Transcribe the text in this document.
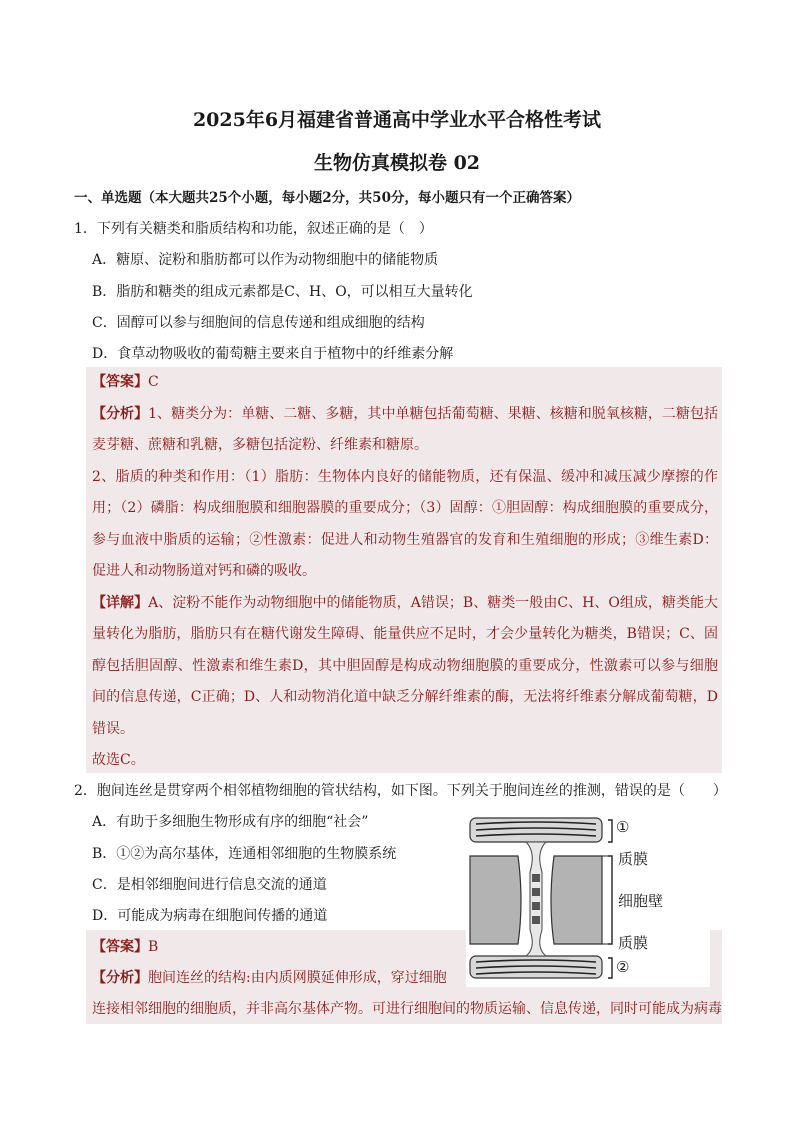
2025年6月福建省普通高中学业水平合格性考试
生物仿真模拟卷 02
一、单选题（本大题共25个小题，每小题2分，共50分，每小题只有一个正确答案）
1．下列有关糖类和脂质结构和功能，叙述正确的是（　）
A．糖原、淀粉和脂肪都可以作为动物细胞中的储能物质
B．脂肪和糖类的组成元素都是C、H、O，可以相互大量转化
C．固醇可以参与细胞间的信息传递和组成细胞的结构
D．食草动物吸收的葡萄糖主要来自于植物中的纤维素分解

【答案】C

【分析】1、糖类分为：单糖、二糖、多糖，其中单糖包括葡萄糖、果糖、核糖和脱氧核糖，二糖包括麦芽糖、蔗糖和乳糖，多糖包括淀粉、纤维素和糖原。

2、脂质的种类和作用：（1）脂肪：生物体内良好的储能物质，还有保温、缓冲和减压减少摩擦的作用；（2）磷脂：构成细胞膜和细胞器膜的重要成分；（3）固醇：①胆固醇：构成细胞膜的重要成分，参与血液中脂质的运输；②性激素：促进人和动物生殖器官的发育和生殖细胞的形成；③维生素D：促进人和动物肠道对钙和磷的吸收。

【详解】A、淀粉不能作为动物细胞中的储能物质，A错误；B、糖类一般由C、H、O组成，糖类能大量转化为脂肪，脂肪只有在糖代谢发生障碍、能量供应不足时，才会少量转化为糖类，B错误；C、固醇包括胆固醇、性激素和维生素D，其中胆固醇是构成动物细胞膜的重要成分，性激素可以参与细胞间的信息传递，C正确；D、人和动物消化道中缺乏分解纤维素的酶，无法将纤维素分解成葡萄糖，D错误。

故选C。

2．胞间连丝是贯穿两个相邻植物细胞的管状结构，如下图。下列关于胞间连丝的推测，错误的是（　　）
A．有助于多细胞生物形成有序的细胞“社会”
B．①②为高尔基体，连通相邻细胞的生物膜系统
C．是相邻细胞间进行信息交流的通道
D．可能成为病毒在细胞间传播的通道
【答案】B
【分析】胞间连丝的结构:由内质网膜延伸形成，穿过细胞
连接相邻细胞的细胞质，并非高尔基体产物。可进行细胞间的物质运输、信息传递，同时可能成为病毒
①
质膜
细胞壁
质膜
②
